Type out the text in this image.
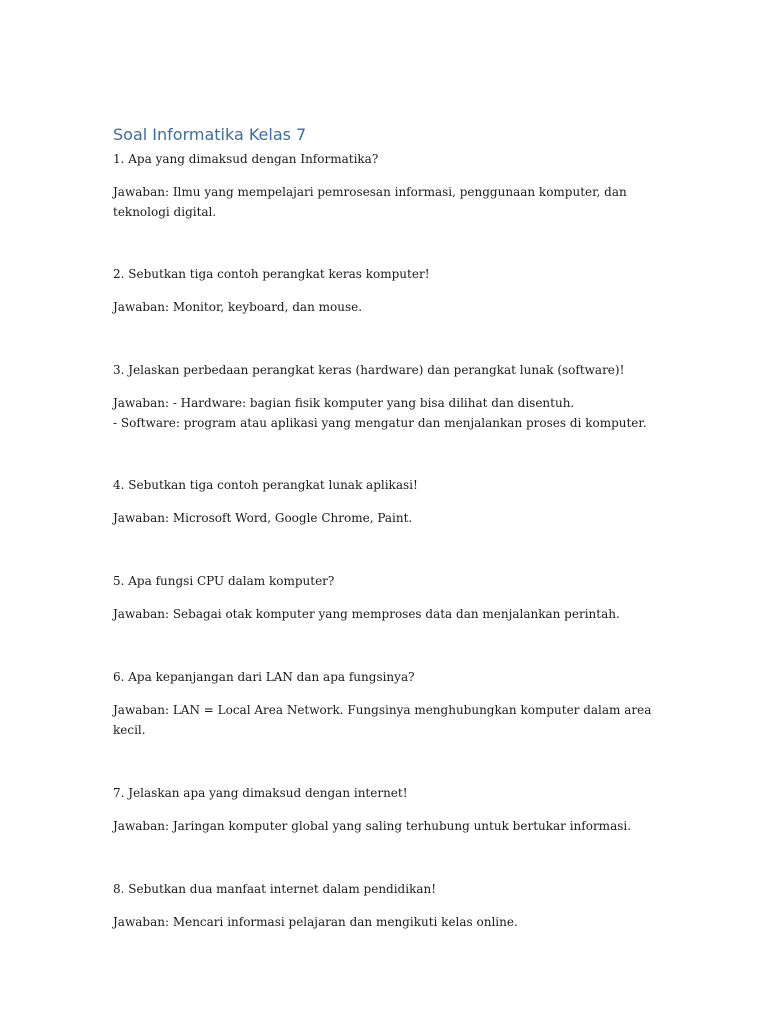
Soal Informatika Kelas 7
1. Apa yang dimaksud dengan Informatika?
Jawaban: Ilmu yang mempelajari pemrosesan informasi, penggunaan komputer, dan
teknologi digital.
2. Sebutkan tiga contoh perangkat keras komputer!
Jawaban: Monitor, keyboard, dan mouse.
3. Jelaskan perbedaan perangkat keras (hardware) dan perangkat lunak (software)!
Jawaban: - Hardware: bagian fisik komputer yang bisa dilihat dan disentuh.
- Software: program atau aplikasi yang mengatur dan menjalankan proses di komputer.
4. Sebutkan tiga contoh perangkat lunak aplikasi!
Jawaban: Microsoft Word, Google Chrome, Paint.
5. Apa fungsi CPU dalam komputer?
Jawaban: Sebagai otak komputer yang memproses data dan menjalankan perintah.
6. Apa kepanjangan dari LAN dan apa fungsinya?
Jawaban: LAN = Local Area Network. Fungsinya menghubungkan komputer dalam area
kecil.
7. Jelaskan apa yang dimaksud dengan internet!
Jawaban: Jaringan komputer global yang saling terhubung untuk bertukar informasi.
8. Sebutkan dua manfaat internet dalam pendidikan!
Jawaban: Mencari informasi pelajaran dan mengikuti kelas online.
